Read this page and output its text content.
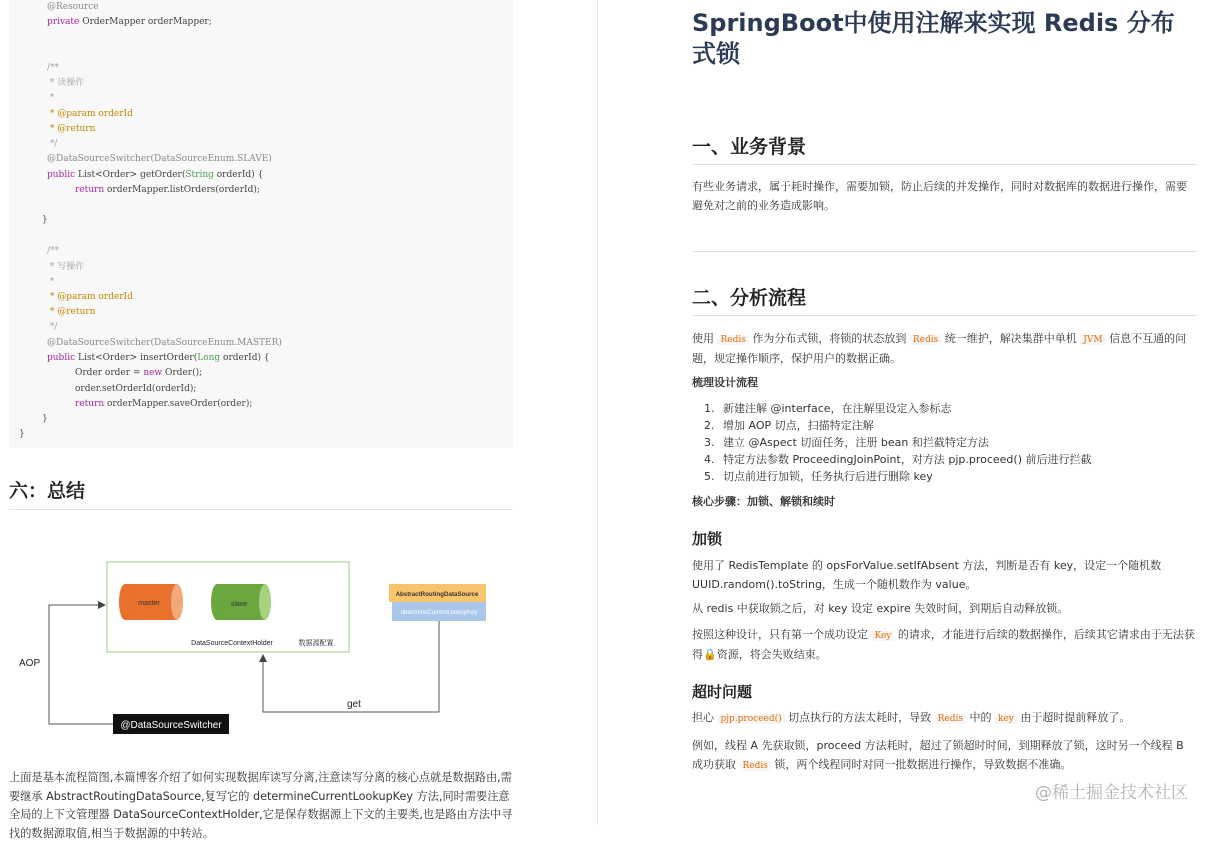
@Resource
private OrderMapper orderMapper;
/**
* 读操作
*
* @param orderId
* @return
*/
@DataSourceSwitcher(DataSourceEnum.SLAVE)
public List<Order> getOrder(String orderId) {
return orderMapper.listOrders(orderId);
}
/**
* 写操作
*
* @param orderId
* @return
*/
@DataSourceSwitcher(DataSourceEnum.MASTER)
public List<Order> insertOrder(Long orderId) {
Order order = new Order();
order.setOrderId(orderId);
return orderMapper.saveOrder(order);
}
}
六：总结
master	slave
DataSourceContextHolder	数据源配置
AbstractRoutingDataSource
determineCurrentLookupKey
AOP
get
@DataSourceSwitcher

上面是基本流程简图,本篇博客介绍了如何实现数据库读写分离,注意读写分离的核心点就是数据路由,需要继承 AbstractRoutingDataSource,复写它的 determineCurrentLookupKey 方法,同时需要注意全局的上下文管理器 DataSourceContextHolder,它是保存数据源上下文的主要类,也是路由方法中寻找的数据源取值,相当于数据源的中转站。

SpringBoot中使用注解来实现 Redis 分布式锁
一、业务背景

有些业务请求，属于耗时操作，需要加锁，防止后续的并发操作，同时对数据库的数据进行操作，需要避免对之前的业务造成影响。

二、分析流程

使用 Redis 作为分布式锁，将锁的状态放到 Redis 统一维护，解决集群中单机 JVM 信息不互通的问题，规定操作顺序，保护用户的数据正确。

梳理设计流程

1. 新建注解 @interface，在注解里设定入参标志
2. 增加 AOP 切点，扫描特定注解
3. 建立 @Aspect 切面任务，注册 bean 和拦截特定方法
4. 特定方法参数 ProceedingJoinPoint，对方法 pjp.proceed() 前后进行拦截
5. 切点前进行加锁，任务执行后进行删除 key

核心步骤：加锁、解锁和续时

加锁

使用了 RedisTemplate 的 opsForValue.setIfAbsent 方法，判断是否有 key，设定一个随机数 UUID.random().toString，生成一个随机数作为 value。

从 redis 中获取锁之后，对 key 设定 expire 失效时间，到期后自动释放锁。

按照这种设计，只有第一个成功设定 Key 的请求，才能进行后续的数据操作，后续其它请求由于无法获得🔒资源，将会失败结束。

超时问题

担心 pjp.proceed() 切点执行的方法太耗时，导致 Redis 中的 key 由于超时提前释放了。

例如，线程 A 先获取锁，proceed 方法耗时，超过了锁超时时间，到期释放了锁，这时另一个线程 B 成功获取 Redis 锁，两个线程同时对同一批数据进行操作，导致数据不准确。

@稀土掘金技术社区
